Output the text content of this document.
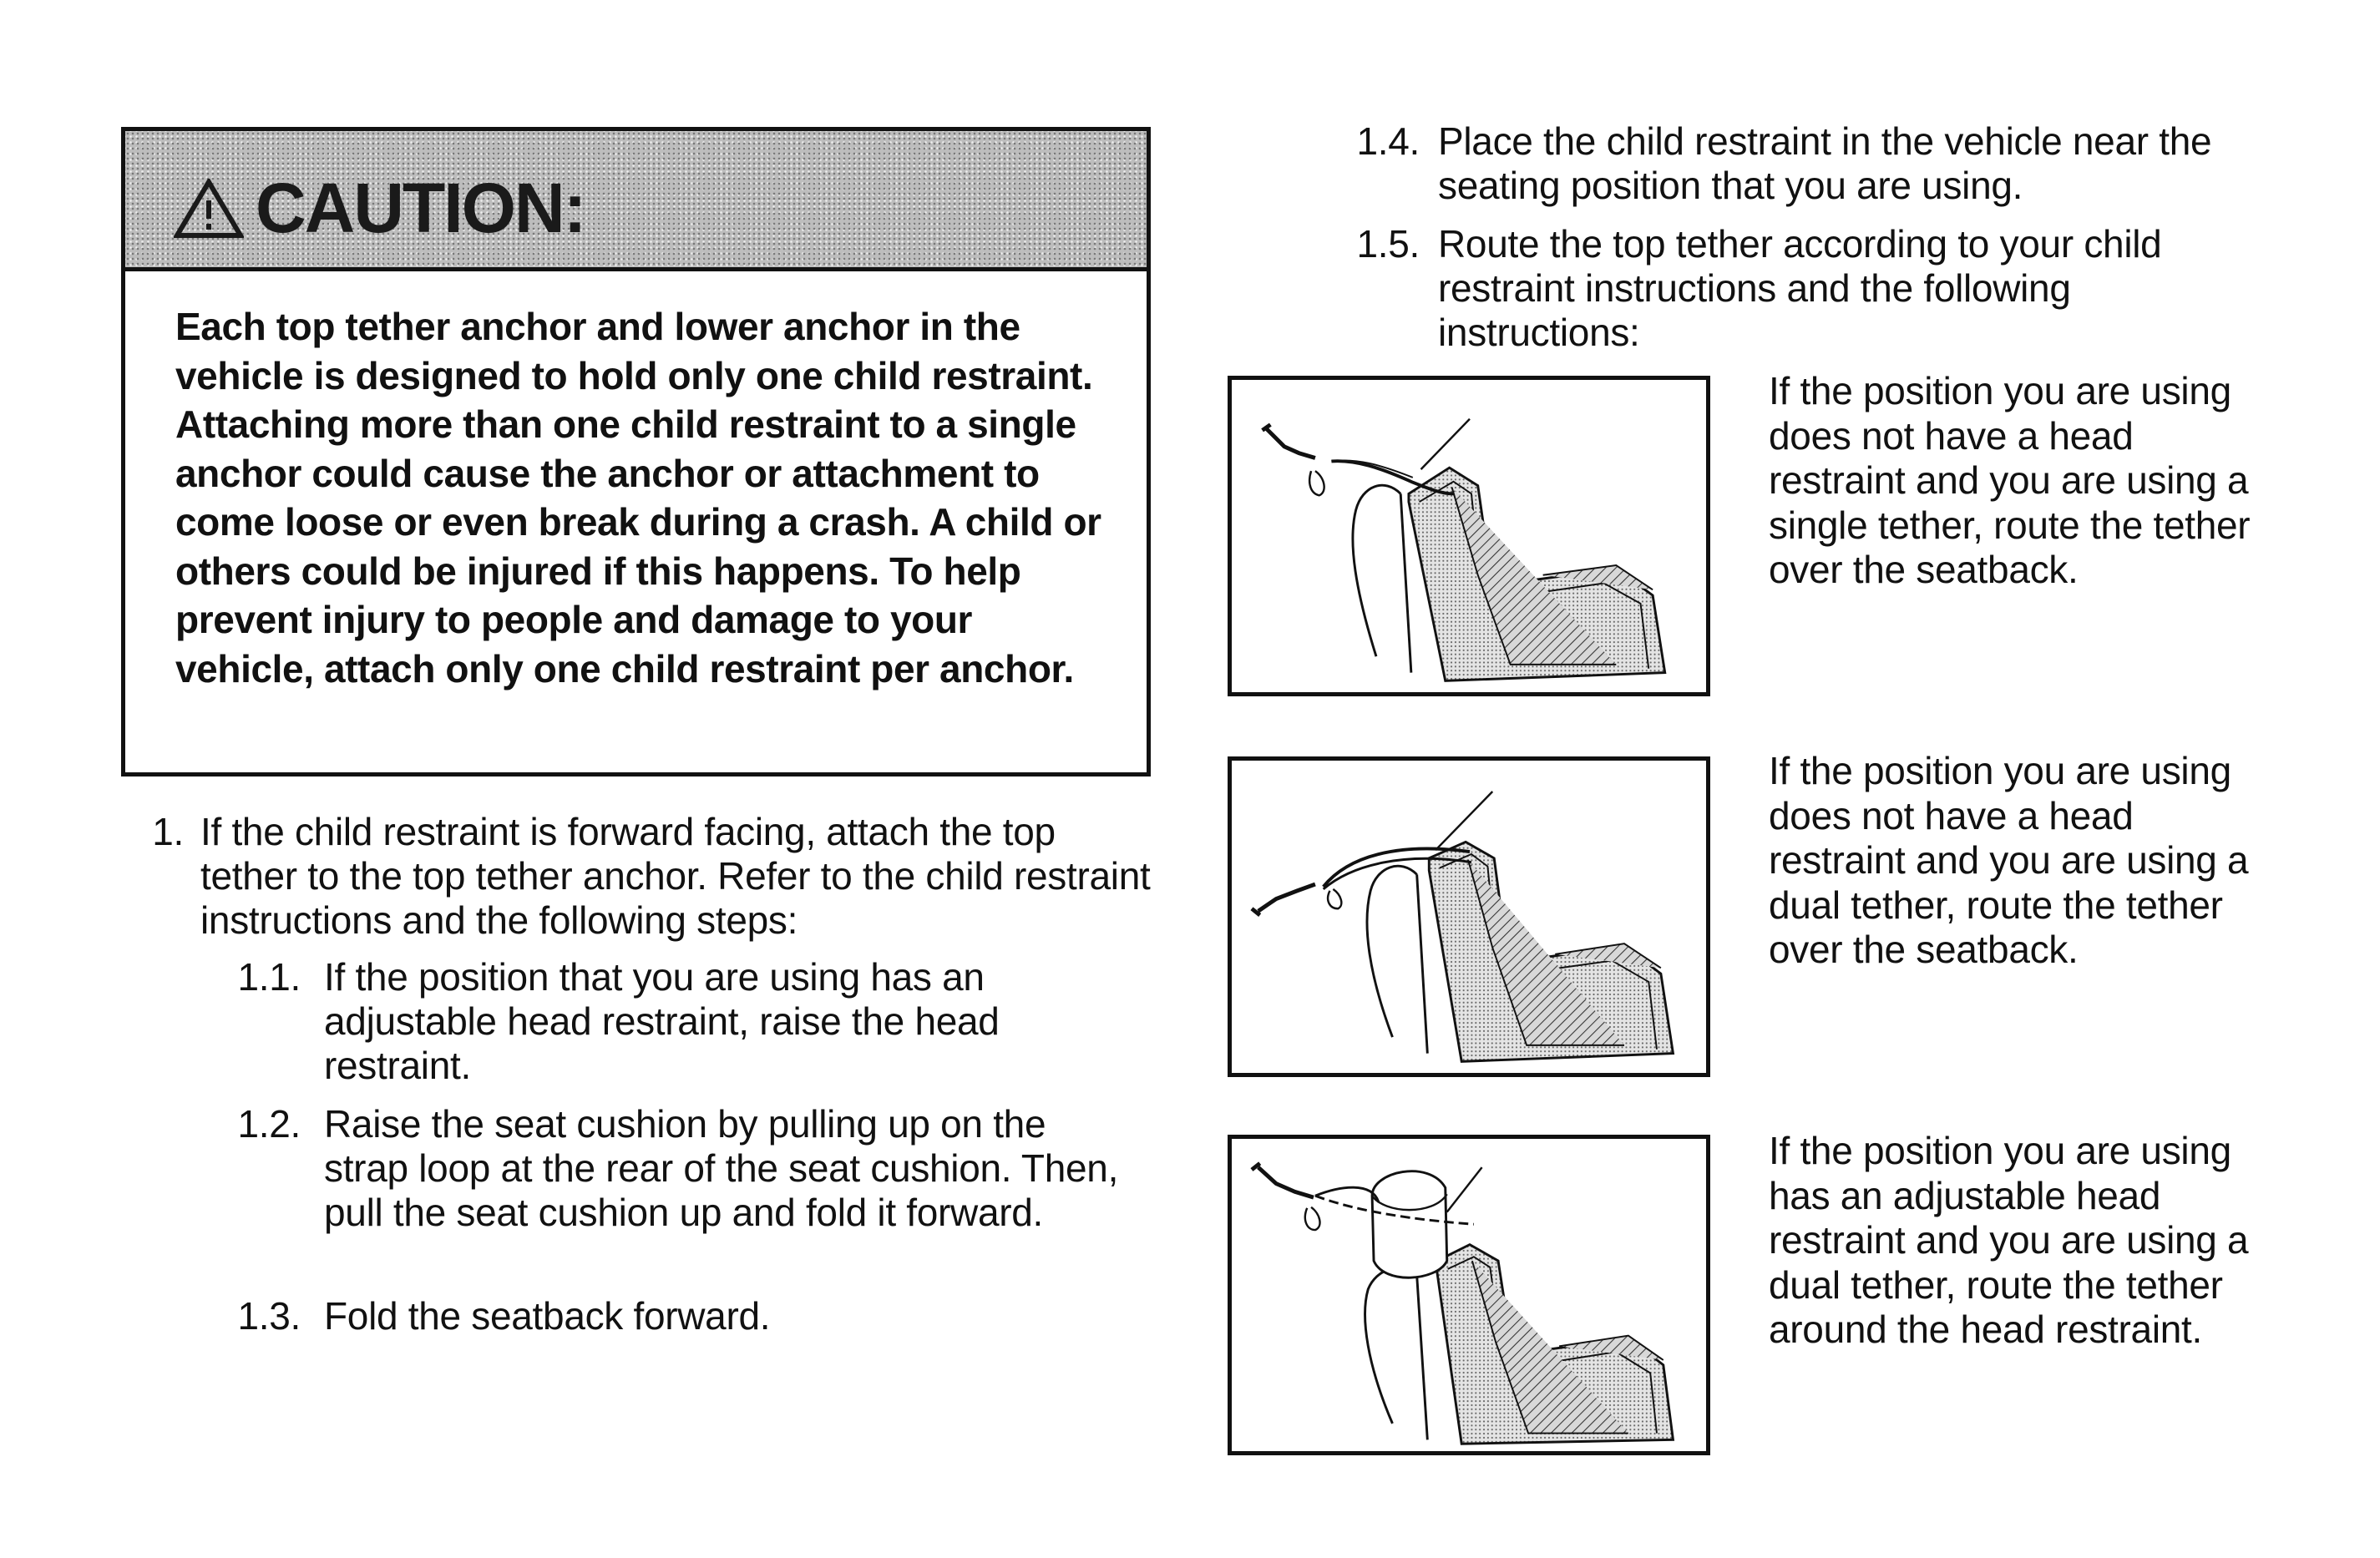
CAUTION:
Each top tether anchor and lower anchor in the vehicle is designed to hold only one child restraint. Attaching more than one child restraint to a single anchor could cause the anchor or attachment to come loose or even break during a crash. A child or others could be injured if this happens. To help prevent injury to people and damage to your vehicle, attach only one child restraint per anchor.
1. If the child restraint is forward facing, attach the top tether to the top tether anchor. Refer to the child restraint instructions and the following steps:
1.1. If the position that you are using has an adjustable head restraint, raise the head restraint.
1.2. Raise the seat cushion by pulling up on the strap loop at the rear of the seat cushion. Then, pull the seat cushion up and fold it forward.
1.3. Fold the seatback forward.
1.4. Place the child restraint in the vehicle near the seating position that you are using.
1.5. Route the top tether according to your child restraint instructions and the following instructions:
If the position you are using does not have a head restraint and you are using a single tether, route the tether over the seatback.
If the position you are using does not have a head restraint and you are using a dual tether, route the tether over the seatback.
If the position you are using has an adjustable head restraint and you are using a dual tether, route the tether around the head restraint.
